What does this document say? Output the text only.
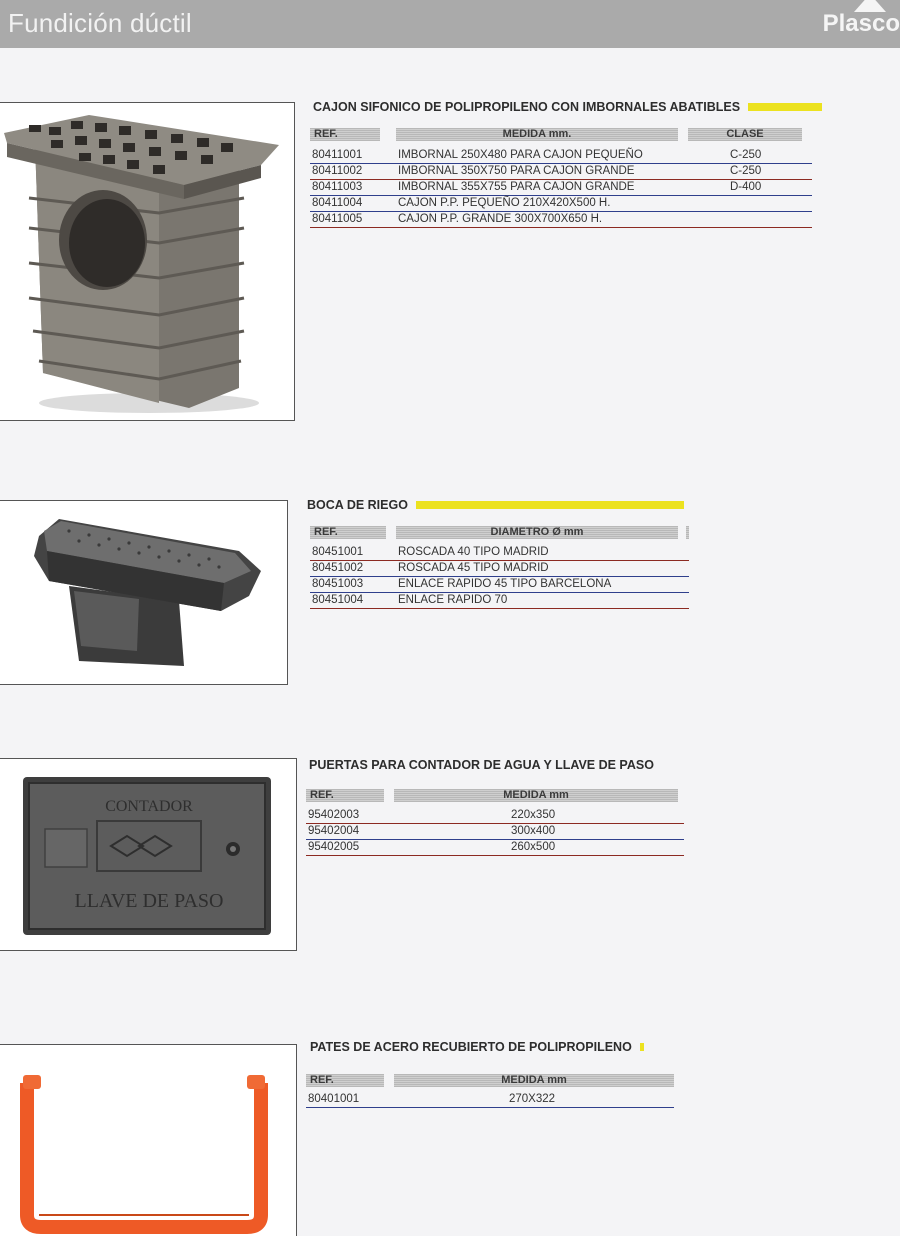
Fundición dúctil	Plasco
CAJON SIFONICO DE POLIPROPILENO CON IMBORNALES ABATIBLES
REF.	MEDIDA mm.	CLASE
80411001	IMBORNAL 250X480 PARA CAJON PEQUEÑO	C-250
80411002	IMBORNAL 350X750 PARA CAJON GRANDE	C-250
80411003	IMBORNAL 355X755 PARA CAJON GRANDE	D-400
80411004	CAJON P.P. PEQUEÑO 210X420X500 H.
80411005	CAJON P.P. GRANDE 300X700X650 H.
BOCA DE RIEGO
REF.	DIAMETRO Ø mm
80451001	ROSCADA 40 TIPO MADRID
80451002	ROSCADA 45 TIPO MADRID
80451003	ENLACE RAPIDO 45 TIPO BARCELONA
80451004	ENLACE RAPIDO 70
CONTADOR
LLAVE DE PASO
PUERTAS PARA CONTADOR DE AGUA Y LLAVE DE PASO
REF.	MEDIDA mm
95402003	220x350
95402004	300x400
95402005	260x500
PATES DE ACERO RECUBIERTO DE POLIPROPILENO
REF.	MEDIDA mm
80401001	270X322
